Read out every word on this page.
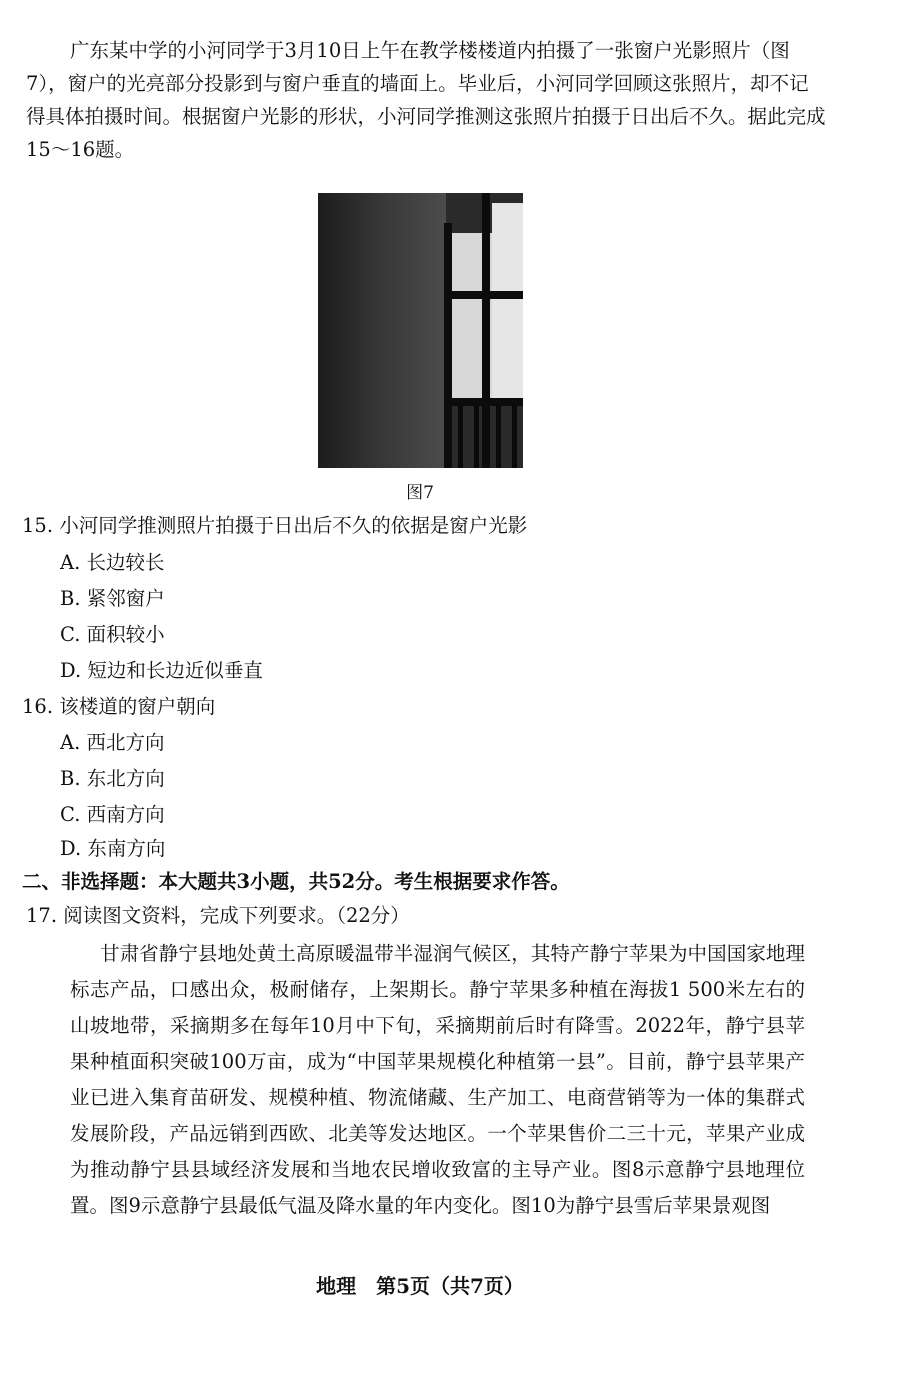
广东某中学的小河同学于3月10日上午在教学楼楼道内拍摄了一张窗户光影照片（图7），窗户的光亮部分投影到与窗户垂直的墙面上。毕业后，小河同学回顾这张照片，却不记得具体拍摄时间。根据窗户光影的形状，小河同学推测这张照片拍摄于日出后不久。据此完成15～16题。
图7
15. 小河同学推测照片拍摄于日出后不久的依据是窗户光影
A. 长边较长
B. 紧邻窗户
C. 面积较小
D. 短边和长边近似垂直
16. 该楼道的窗户朝向
A. 西北方向
B. 东北方向
C. 西南方向
D. 东南方向
二、非选择题：本大题共3小题，共52分。考生根据要求作答。
17. 阅读图文资料，完成下列要求。（22分）
甘肃省静宁县地处黄土高原暖温带半湿润气候区，其特产静宁苹果为中国国家地理标志产品，口感出众，极耐储存，上架期长。静宁苹果多种植在海拔1 500米左右的山坡地带，采摘期多在每年10月中下旬，采摘期前后时有降雪。2022年，静宁县苹果种植面积突破100万亩，成为“中国苹果规模化种植第一县”。目前，静宁县苹果产业已进入集育苗研发、规模种植、物流储藏、生产加工、电商营销等为一体的集群式发展阶段，产品远销到西欧、北美等发达地区。一个苹果售价二三十元，苹果产业成为推动静宁县县域经济发展和当地农民增收致富的主导产业。图8示意静宁县地理位置。图9示意静宁县最低气温及降水量的年内变化。图10为静宁县雪后苹果景观图
地理　第5页（共7页）
